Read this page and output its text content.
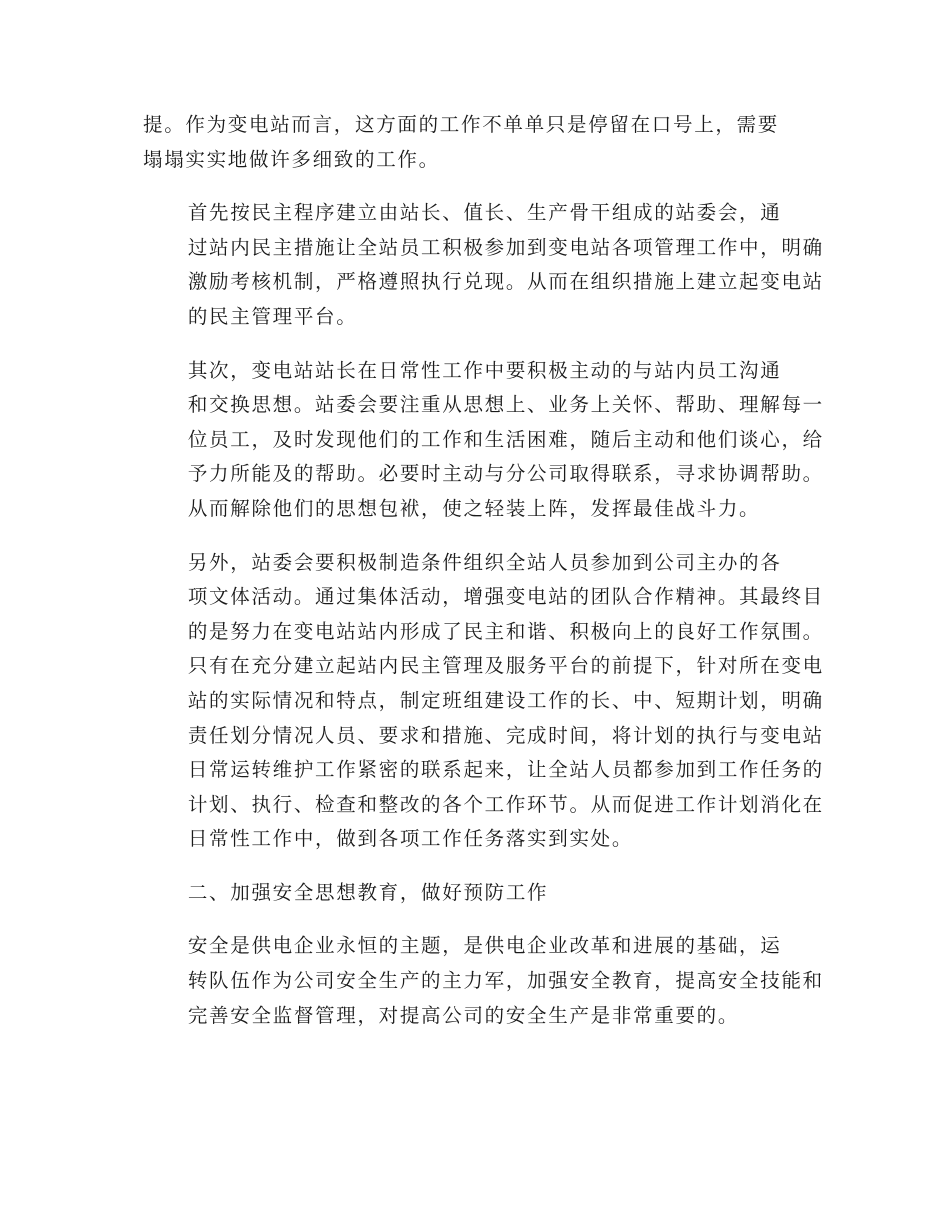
提。作为变电站而言，这方面的工作不单单只是停留在口号上，需要
塌塌实实地做许多细致的工作。

首先按民主程序建立由站长、值长、生产骨干组成的站委会，通
过站内民主措施让全站员工积极参加到变电站各项管理工作中，明确
激励考核机制，严格遵照执行兑现。从而在组织措施上建立起变电站
的民主管理平台。

其次，变电站站长在日常性工作中要积极主动的与站内员工沟通
和交换思想。站委会要注重从思想上、业务上关怀、帮助、理解每一
位员工，及时发现他们的工作和生活困难，随后主动和他们谈心，给
予力所能及的帮助。必要时主动与分公司取得联系，寻求协调帮助。
从而解除他们的思想包袱，使之轻装上阵，发挥最佳战斗力。

另外，站委会要积极制造条件组织全站人员参加到公司主办的各
项文体活动。通过集体活动，增强变电站的团队合作精神。其最终目
的是努力在变电站站内形成了民主和谐、积极向上的良好工作氛围。
只有在充分建立起站内民主管理及服务平台的前提下，针对所在变电
站的实际情况和特点，制定班组建设工作的长、中、短期计划，明确
责任划分情况人员、要求和措施、完成时间，将计划的执行与变电站
日常运转维护工作紧密的联系起来，让全站人员都参加到工作任务的
计划、执行、检查和整改的各个工作环节。从而促进工作计划消化在
日常性工作中，做到各项工作任务落实到实处。

二、加强安全思想教育，做好预防工作

安全是供电企业永恒的主题，是供电企业改革和进展的基础，运
转队伍作为公司安全生产的主力军，加强安全教育，提高安全技能和
完善安全监督管理，对提高公司的安全生产是非常重要的。
